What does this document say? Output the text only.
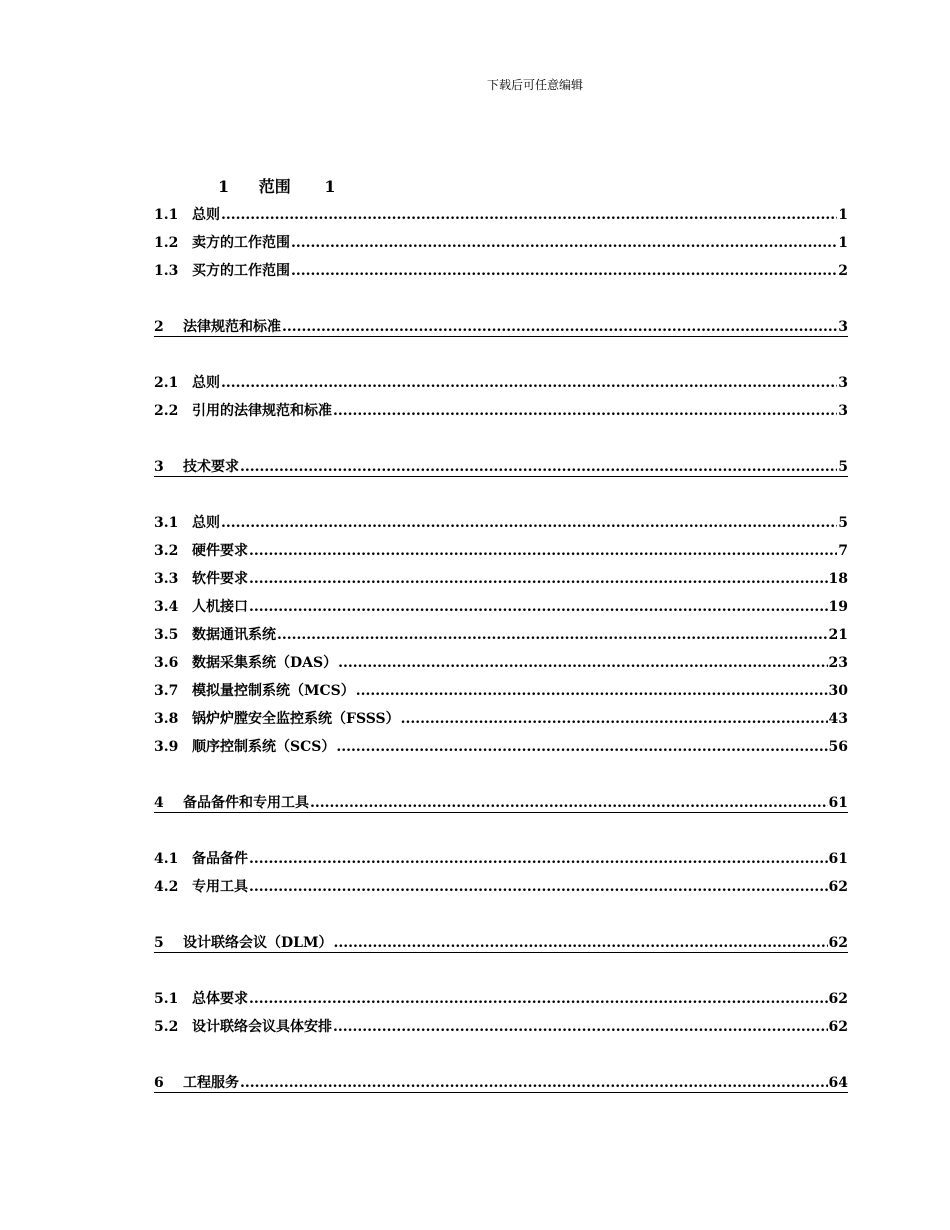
下载后可任意编辑
1 范围 1
1.1 总则 .....	1
1.2 卖方的工作范围 .....	1
1.3 买方的工作范围 .....	2
2	法律规范和标准 .....	3
2.1 总则 .....	3
2.2 引用的法律规范和标准 .....	3
3	技术要求 .....	5
3.1 总则 .....	5
3.2 硬件要求 .....	7
3.3 软件要求 .....	18
3.4 人机接口 .....	19
3.5 数据通讯系统 .....	21
3.6 数据采集系统（DAS） .....	23
3.7 模拟量控制系统（MCS） .....	30
3.8 锅炉炉膛安全监控系统（FSSS） .....	43
3.9 顺序控制系统（SCS） .....	56
4	备品备件和专用工具 .....	61
4.1 备品备件 .....	61
4.2 专用工具 .....	62
5	设计联络会议（DLM） .....	62
5.1 总体要求 .....	62
5.2 设计联络会议具体安排 .....	62
6	工程服务 .....	64
